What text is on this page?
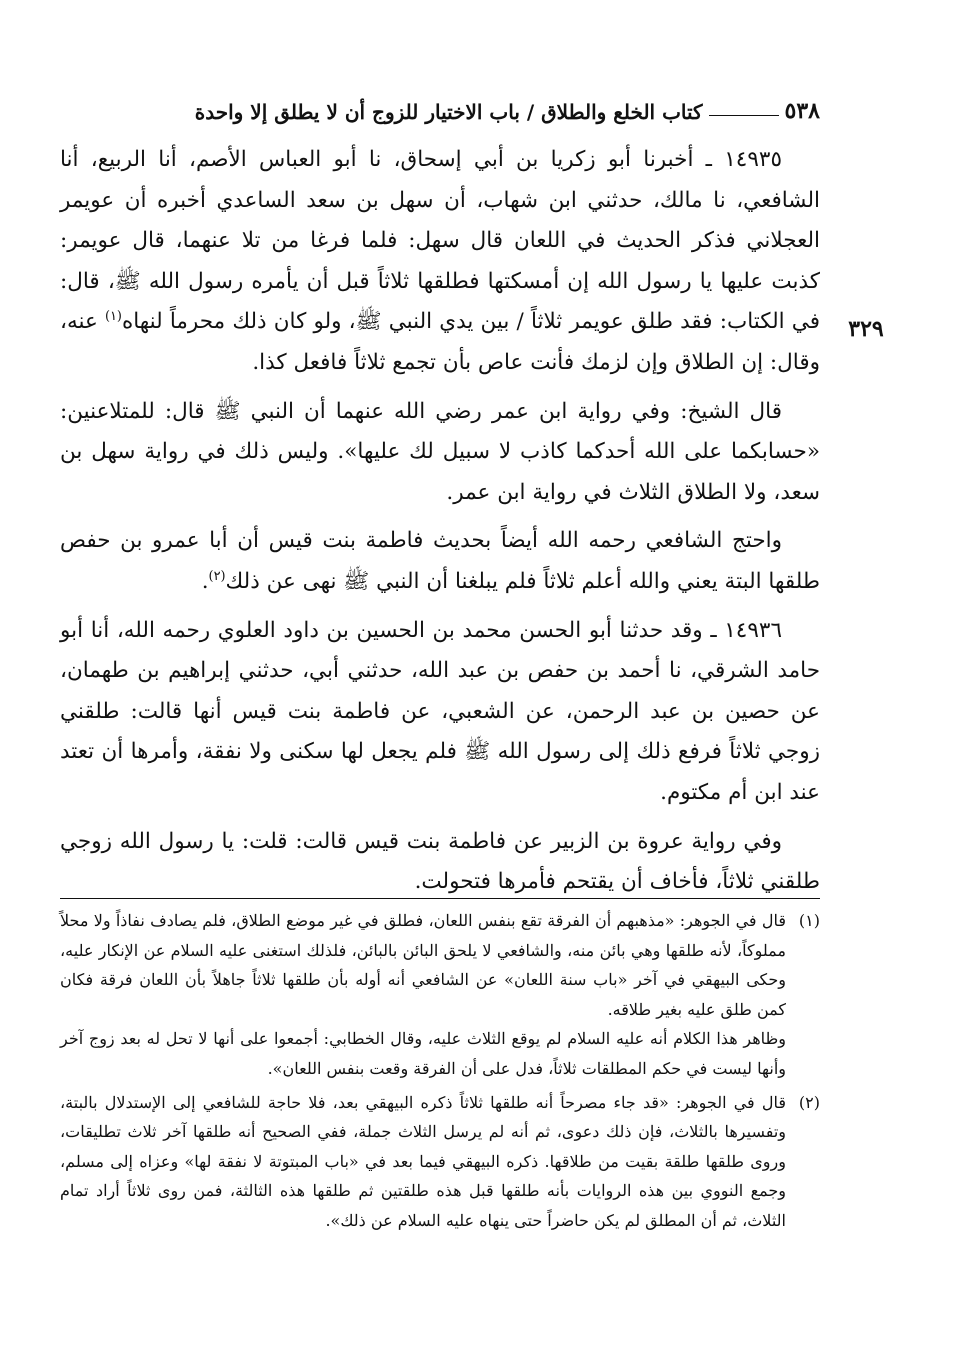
٥٣٨
كتاب الخلع والطلاق / باب الاختيار للزوج أن لا يطلق إلا واحدة
٣٢٩

١٤٩٣٥ ـ أخبرنا أبو زكريا بن أبي إسحاق، نا أبو العباس الأصم، أنا الربيع، أنا الشافعي، نا مالك، حدثني ابن شهاب، أن سهل بن سعد الساعدي أخبره أن عويمر العجلاني فذكر الحديث في اللعان قال سهل: فلما فرغا من تلا عنهما، قال عويمر: كذبت عليها يا رسول الله إن أمسكتها فطلقها ثلاثاً قبل أن يأمره رسول الله ﷺ، قال: في الكتاب: فقد طلق عويمر ثلاثاً / بين يدي النبي ﷺ، ولو كان ذلك محرماً لنهاه$^{(١)}$ عنه، وقال: إن الطلاق وإن لزمك فأنت عاص بأن تجمع ثلاثاً فافعل كذا.

قال الشيخ: وفي رواية ابن عمر رضي الله عنهما أن النبي ﷺ قال: للمتلاعنين: «حسابكما على الله أحدكما كاذب لا سبيل لك عليها». وليس ذلك في رواية سهل بن سعد، ولا الطلاق الثلاث في رواية ابن عمر.

واحتج الشافعي رحمه الله أيضاً بحديث فاطمة بنت قيس أن أبا عمرو بن حفص طلقها البتة يعني والله أعلم ثلاثاً فلم يبلغنا أن النبي ﷺ نهى عن ذلك$^{(٢)}$.

١٤٩٣٦ ـ وقد حدثنا أبو الحسن محمد بن الحسين بن داود العلوي رحمه الله، أنا أبو حامد الشرقي، نا أحمد بن حفص بن عبد الله، حدثني أبي، حدثني إبراهيم بن طهمان، عن حصين بن عبد الرحمن، عن الشعبي، عن فاطمة بنت قيس أنها قالت: طلقني زوجي ثلاثاً فرفع ذلك إلى رسول الله ﷺ فلم يجعل لها سكنى ولا نفقة، وأمرها أن تعتد عند ابن أم مكتوم.

وفي رواية عروة بن الزبير عن فاطمة بنت قيس قالت: قلت: يا رسول الله زوجي طلقني ثلاثاً، فأخاف أن يقتحم فأمرها فتحولت.

(١)
قال في الجوهر: «مذهبهم أن الفرقة تقع بنفس اللعان، فطلق في غير موضع الطلاق، فلم يصادف نفاذاً ولا محلاً مملوكاً، لأنه طلقها وهي بائن منه، والشافعي لا يلحق البائن بالبائن، فلذلك استغنى عليه السلام عن الإنكار عليه، وحكى البيهقي في آخر «باب سنة اللعان» عن الشافعي أنه أوله بأن طلقها ثلاثاً جاهلاً بأن اللعان فرقة فكان كمن طلق عليه بغير طلاقه.
وظاهر هذا الكلام أنه عليه السلام لم يوقع الثلاث عليه، وقال الخطابي: أجمعوا على أنها لا تحل له بعد زوج آخر وأنها ليست في حكم المطلقات ثلاثاً، فدل على أن الفرقة وقعت بنفس اللعان».
(٢)
قال في الجوهر: «قد جاء مصرحاً أنه طلقها ثلاثاً ذكره البيهقي بعد، فلا حاجة للشافعي إلى الإستدلال بالبتة، وتفسيرها بالثلاث، فإن ذلك دعوى، ثم أنه لم يرسل الثلاث جملة، ففي الصحيح أنه طلقها آخر ثلاث تطليقات، وروى طلقها طلقة بقيت من طلاقها. ذكره البيهقي فيما بعد في «باب المبتوتة لا نفقة لها» وعزاه إلى مسلم، وجمع النووي بين هذه الروايات بأنه طلقها قبل هذه طلقتين ثم طلقها هذه الثالثة، فمن روى ثلاثاً أراد تمام الثلاث، ثم أن المطلق لم يكن حاضراً حتى ينهاه عليه السلام عن ذلك».
